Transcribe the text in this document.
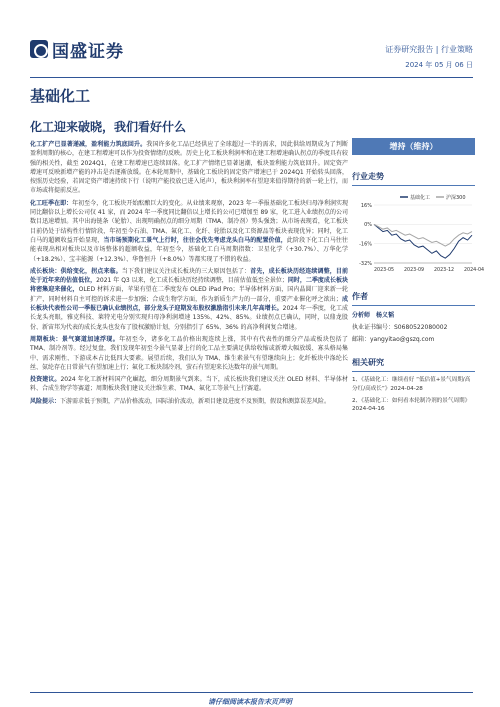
国盛证券	证券研究报告 | 行业策略
2024 年 05 月 06 日
基础化工
化工迎来破晓，我们看好什么

化工扩产已显著递减，盈利能力筑底回升。我国许多化工品已经供应了全球超过一半的需求，因此供给周期成为了判断盈利周期的核心，在建工程增速可以作为投资情绪的反映。历史上化工板块利润率和在建工程增速确认拐点的季度具有较强的相关性，截至 2024Q1，在建工程增速已连续回落。化工扩产情绪已显著退潮，板块盈利能力筑底回升。固定资产增速可反映新增产能的冲击是否逐渐放缓。在本轮周期中，基础化工板块的固定资产增速已于 2024Q1 开始转头回落，按照历史经验，若固定资产增速持续下行（说明产能投放已进入尾声），板块利润率有望迎来值得期待的新一轮上行，而市场或将提前反应。

化工旺季在即：年初至今，化工板块开始酝酿巨大的变化。从业绩来观察，2023 年一季报基础化工板块归母净利润实现同比翻倍以上增长公司仅 41 家，而 2024 年一季度同比翻倍以上增长的公司已增加至 89 家，化工进入业绩拐点的公司数目迅速增加。其中出海链条（轮胎）、出现明确拐点的细分周期（TMA、制冷剂）势头强劲；从市场表现看，化工板块目前仍处于结构性行情阶段，年初至今石油、TMA、氟化工、化纤、轮胎以及化工资源品等板块表现优异；同时，化工白马的超额收益开始显现，当市场预期化工景气上行时，往往会优先考虑龙头白马的配置价值，此阶段下化工白马往往能表现出相对板块以及市场整体的超额收益，年初至今，基础化工白马周期指数：卫星化学（+30.7%）、万华化学（+18.2%）、宝丰能源（+12.3%）、华鲁恒升（+8.0%）等都实现了不错的收益。

成长板块：供给变化，拐点来临。当下我们建议关注成长板块的三大原因包括了：首先，成长板块历经连续调整，目前处于近年来的估值低位，2021 年 Q3 以来，化工成长板块历经持续调整，目前估值低至全景位；同时，二季度成长板块将密集迎来催化，OLED 材料方面，苹果有望在二季度发布 OLED iPad Pro；半导体材料方面，国内晶圆厂迎来新一轮扩产，同时材料自主可控的诉求进一步加强；合成生物学方面，作为新质生产力的一部分，重要产业催化呼之欲出；成长板块代表性公司一季报已确认业绩拐点，部分龙头子迎期发布股权激励指引未来几年高增长。2024 年一季度，化工成长龙头亮眼，雅克科技、莱特光电分别实现归母净利润增速 135%、42%、85%。业绩拐点已确认，同时，以鼎龙股份、新宙邦为代表的成长龙头也发布了股权激励计划，分别指引了 65%、36% 的高净利润复合增速。

周期板块：景气赛道加速浮现。年初至今，诸多化工品价格出现连续上涨，其中有代表性的细分产品或板块包括了 TMA、制冷剂等。经过复盘，我们发现年初至今景气显著上行的化工品主要满足供给收缩或新增大幅放缓、寡头格局集中、需求刚性、下游成本占比低四大要素。展望后续，我们认为 TMA、维生素景气有望继续向上；化纤板块中涤纶长丝、氨纶存在日常景气有望加速上行；氟化工板块制冷剂，萤石有望迎来长达数年的景气周期。

投资建议。2024 年化工新材料国产化崛起，细分周期景气到来。当下，成长板块我们建议关注 OLED 材料、半导体材料、合成生物学等赛道；周期板块我们建议关注维生素、TMA、氟化工等景气上行赛道。

风险提示：下游需求低于预期，产品价格波动，国际油价波动，新项目建设进度不及预期，假设和测算误差风险。

增持（维持）
行业走势
基础化工	沪深300
16%
0%
-16%
-32%
2023-05 2023-09 2023-12 2024-04
作者
分析师 杨义韬
执业证书编号：S0680522080002
邮箱：yangyitao@gszq.com
相关研究
1、《基础化工：继续看好 “低估值+景气周期/高分红/高成长”》2024-04-28
2、《基础化工：如何看本轮制冷剂的景气周期》2024-04-16
请仔细阅读本报告末页声明
